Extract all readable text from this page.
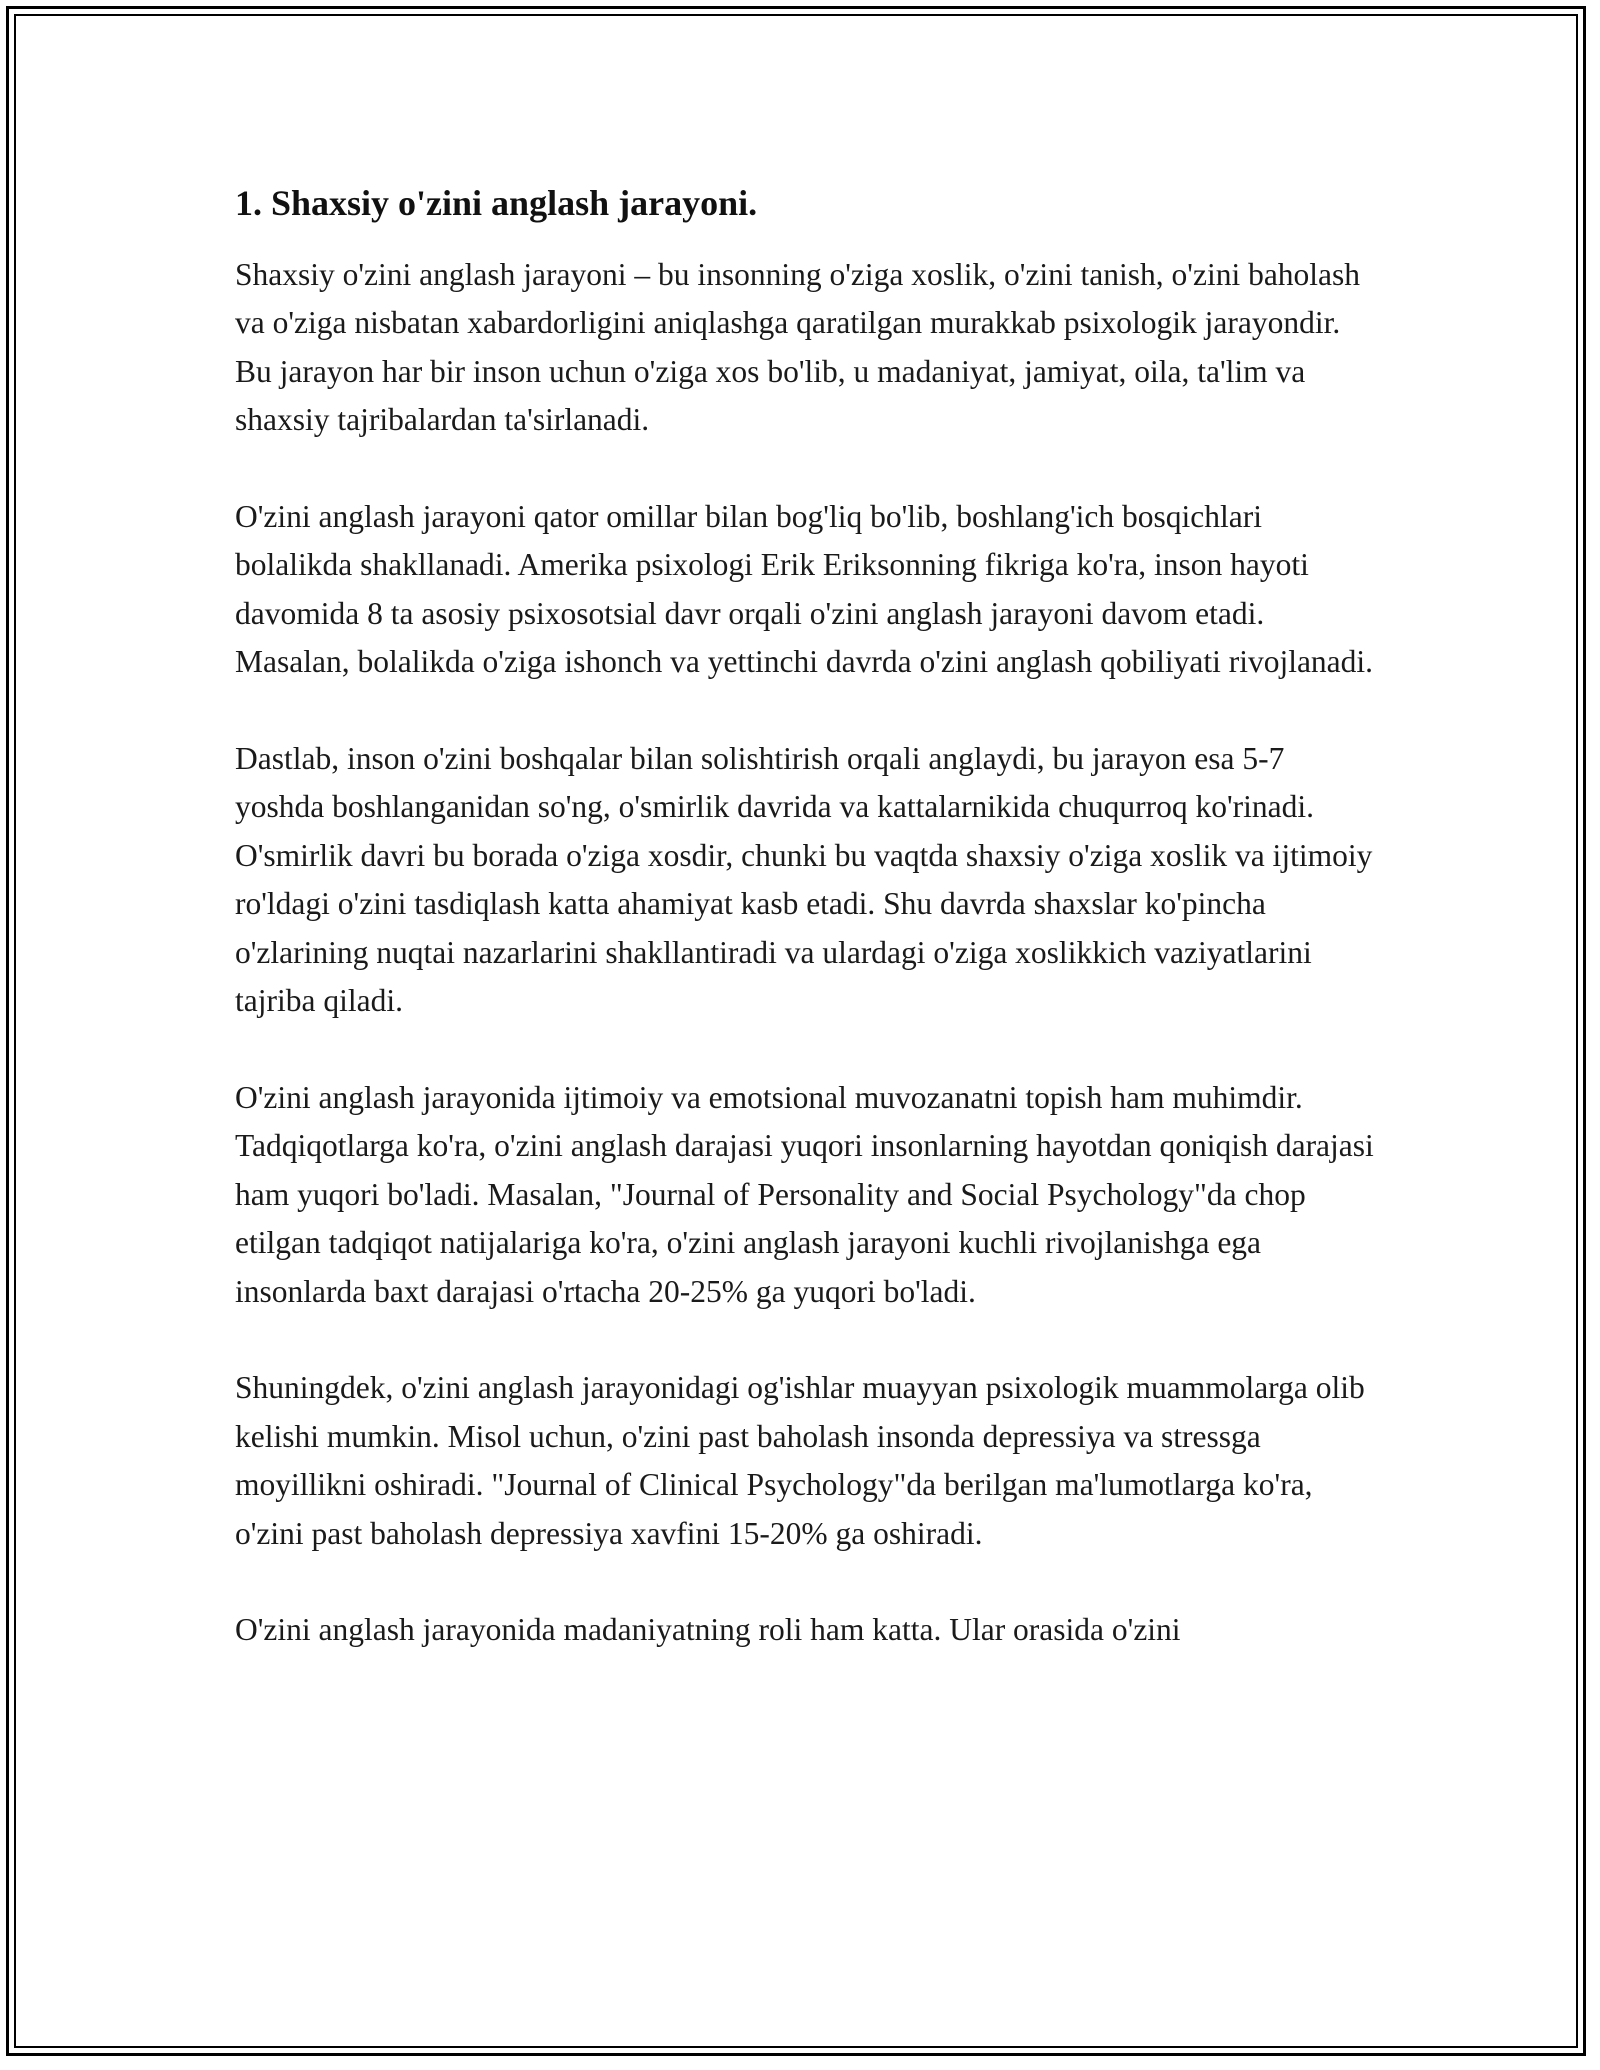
1. Shaxsiy o'zini anglash jarayoni.

Shaxsiy o'zini anglash jarayoni – bu insonning o'ziga xoslik, o'zini tanish, o'zini baholash va o'ziga nisbatan xabardorligini aniqlashga qaratilgan murakkab psixologik jarayondir. Bu jarayon har bir inson uchun o'ziga xos bo'lib, u madaniyat, jamiyat, oila, ta'lim va shaxsiy tajribalardan ta'sirlanadi.

O'zini anglash jarayoni qator omillar bilan bog'liq bo'lib, boshlang'ich bosqichlari bolalikda shakllanadi. Amerika psixologi Erik Eriksonning fikriga ko'ra, inson hayoti davomida 8 ta asosiy psixosotsial davr orqali o'zini anglash jarayoni davom etadi. Masalan, bolalikda o'ziga ishonch va yettinchi davrda o'zini anglash qobiliyati rivojlanadi.

Dastlab, inson o'zini boshqalar bilan solishtirish orqali anglaydi, bu jarayon esa 5-7 yoshda boshlanganidan so'ng, o'smirlik davrida va kattalarnikida chuqurroq ko'rinadi. O'smirlik davri bu borada o'ziga xosdir, chunki bu vaqtda shaxsiy o'ziga xoslik va ijtimoiy ro'ldagi o'zini tasdiqlash katta ahamiyat kasb etadi. Shu davrda shaxslar ko'pincha o'zlarining nuqtai nazarlarini shakllantiradi va ulardagi o'ziga xoslikkich vaziyatlarini tajriba qiladi.

O'zini anglash jarayonida ijtimoiy va emotsional muvozanatni topish ham muhimdir. Tadqiqotlarga ko'ra, o'zini anglash darajasi yuqori insonlarning hayotdan qoniqish darajasi ham yuqori bo'ladi. Masalan, "Journal of Personality and Social Psychology"da chop etilgan tadqiqot natijalariga ko'ra, o'zini anglash jarayoni kuchli rivojlanishga ega insonlarda baxt darajasi o'rtacha 20-25% ga yuqori bo'ladi.

Shuningdek, o'zini anglash jarayonidagi og'ishlar muayyan psixologik muammolarga olib kelishi mumkin. Misol uchun, o'zini past baholash insonda depressiya va stressga moyillikni oshiradi. "Journal of Clinical Psychology"da berilgan ma'lumotlarga ko'ra, o'zini past baholash depressiya xavfini 15-20% ga oshiradi.

O'zini anglash jarayonida madaniyatning roli ham katta. Ular orasida o'zini
